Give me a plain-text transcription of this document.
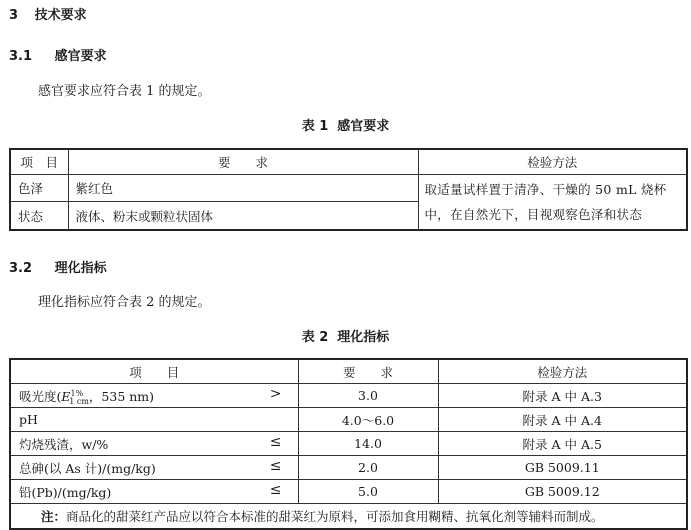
3 技术要求
3.1 感官要求
感官要求应符合表 1 的规定。
表 1  感官要求
项　目	要　　求	检验方法
色泽	紫红色	取适量试样置于清净、干燥的 50 mL 烧杯中，在自然光下，目视观察色泽和状态
状态	液体、粉末或颗粒状固体	
3.2 理化指标
理化指标应符合表 2 的规定。
表 2  理化指标
项　　目	要　　求	检验方法
吸光度($E^{1\%}_{1 cm}$，535 nm) >	3.0	附录 A 中 A.3
pH	4.0～6.0	附录 A 中 A.4
灼烧残渣，w/% ≤	14.0	附录 A 中 A.5
总砷(以 As 计)/(mg/kg) ≤	2.0	GB 5009.11
铅(Pb)/(mg/kg) ≤	5.0	GB 5009.12
注：商品化的甜菜红产品应以符合本标准的甜菜红为原料，可添加食用糊精、抗氧化剂等辅料而制成。		
